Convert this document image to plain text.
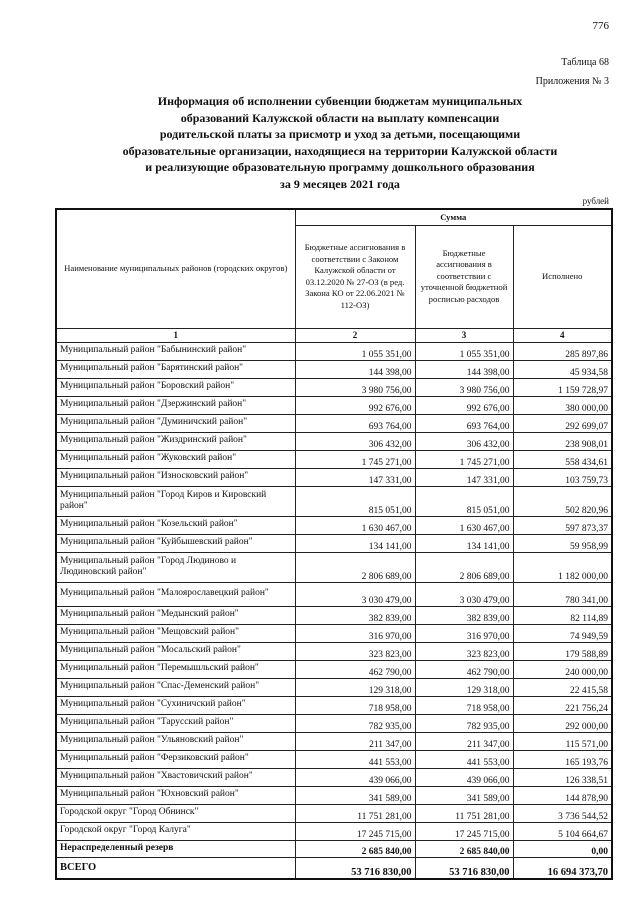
776
Таблица 68
Приложения № 3
Информация об исполнении субвенции бюджетам муниципальных
образований Калужской области на выплату компенсации
родительской платы за присмотр и уход за детьми, посещающими
образовательные организации, находящиеся на территории Калужской области
и реализующие образовательную программу дошкольного образования
за 9 месяцев 2021 года
рублей
Наименование муниципальных районов (городских округов)	Сумма		
	Бюджетные ассигнования в соответствии с Законом Калужской области от 03.12.2020 № 27-ОЗ (в ред. Закона КО от 22.06.2021 № 112-ОЗ)	Бюджетные ассигнования в соответствии с уточненной бюджетной росписью расходов	Исполнено
1	2	3	4
Муниципальный район "Бабынинский район"	1 055 351,00	1 055 351,00	285 897,86
Муниципальный район "Барятинский район"	144 398,00	144 398,00	45 934,58
Муниципальный район "Боровский район"	3 980 756,00	3 980 756,00	1 159 728,97
Муниципальный район "Дзержинский район"	992 676,00	992 676,00	380 000,00
Муниципальный район "Думиничский район"	693 764,00	693 764,00	292 699,07
Муниципальный район "Жиздринский район"	306 432,00	306 432,00	238 908,01
Муниципальный район "Жуковский район"	1 745 271,00	1 745 271,00	558 434,61
Муниципальный район "Износковский район"	147 331,00	147 331,00	103 759,73
Муниципальный район "Город Киров и Кировский район"	815 051,00	815 051,00	502 820,96
Муниципальный район "Козельский район"	1 630 467,00	1 630 467,00	597 873,37
Муниципальный район "Куйбышевский район"	134 141,00	134 141,00	59 958,99
Муниципальный район "Город Людиново и Людиновский район"	2 806 689,00	2 806 689,00	1 182 000,00
Муниципальный район "Малоярославецкий район"	3 030 479,00	3 030 479,00	780 341,00
Муниципальный район "Медынский район"	382 839,00	382 839,00	82 114,89
Муниципальный район "Мещовский район"	316 970,00	316 970,00	74 949,59
Муниципальный район "Мосальский район"	323 823,00	323 823,00	179 588,89
Муниципальный район "Перемышльский район"	462 790,00	462 790,00	240 000,00
Муниципальный район "Спас-Деменский район"	129 318,00	129 318,00	22 415,58
Муниципальный район "Сухиничский район"	718 958,00	718 958,00	221 756,24
Муниципальный район "Тарусский район"	782 935,00	782 935,00	292 000,00
Муниципальный район "Ульяновский район"	211 347,00	211 347,00	115 571,00
Муниципальный район "Ферзиковский район"	441 553,00	441 553,00	165 193,76
Муниципальный район "Хвастовичский район"	439 066,00	439 066,00	126 338,51
Муниципальный район "Юхновский район"	341 589,00	341 589,00	144 878,90
Городской округ "Город Обнинск"	11 751 281,00	11 751 281,00	3 736 544,52
Городской округ "Город Калуга"	17 245 715,00	17 245 715,00	5 104 664,67
Нераспределенный резерв	2 685 840,00	2 685 840,00	0,00
ВСЕГО	53 716 830,00	53 716 830,00	16 694 373,70
